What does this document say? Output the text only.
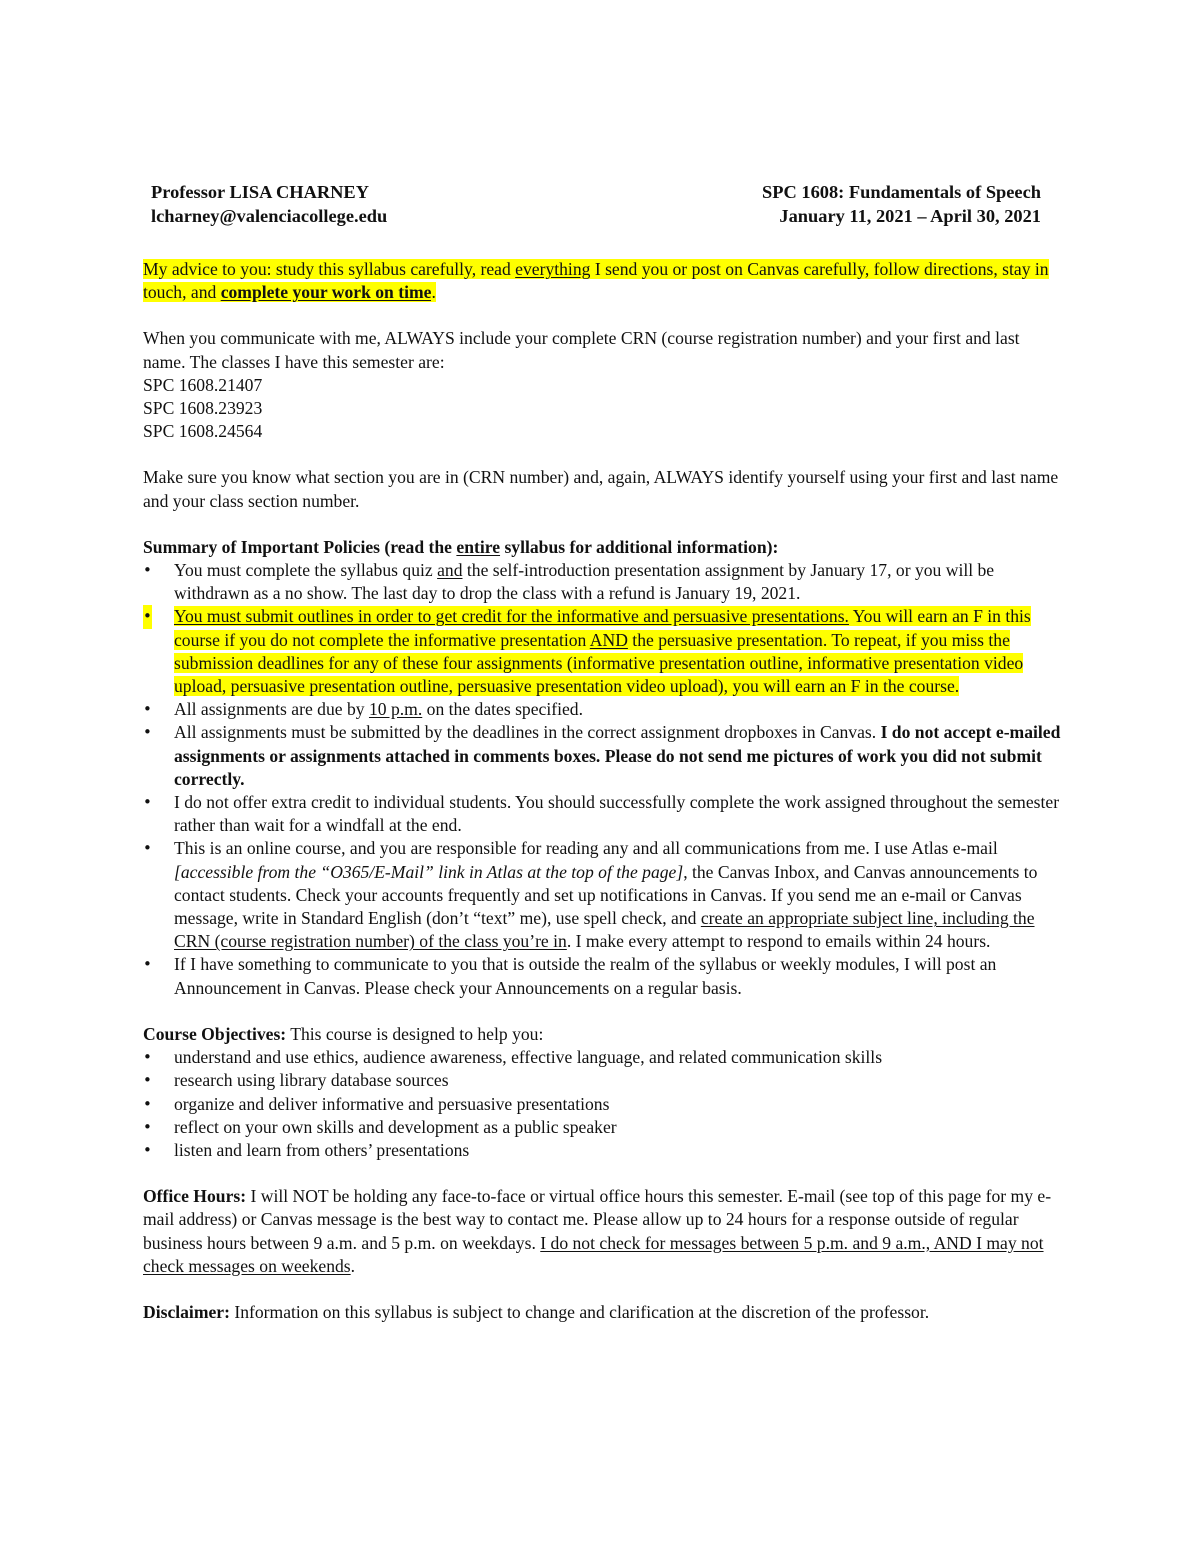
Professor LISA CHARNEY
lcharney@valenciacollege.edu
SPC 1608: Fundamentals of Speech
January 11, 2021 – April 30, 2021

My advice to you: study this syllabus carefully, read everything I send you or post on Canvas carefully, follow directions, stay in touch, and complete your work on time.

When you communicate with me, ALWAYS include your complete CRN (course registration number) and your first and last name. The classes I have this semester are:

SPC 1608.21407

SPC 1608.23923

SPC 1608.24564

Make sure you know what section you are in (CRN number) and, again, ALWAYS identify yourself using your first and last name and your class section number.

Summary of Important Policies (read the entire syllabus for additional information):

• You must complete the syllabus quiz and the self-introduction presentation assignment by January 17, or you will be withdrawn as a no show. The last day to drop the class with a refund is January 19, 2021.
• You must submit outlines in order to get credit for the informative and persuasive presentations. You will earn an F in this course if you do not complete the informative presentation AND the persuasive presentation. To repeat, if you miss the submission deadlines for any of these four assignments (informative presentation outline, informative presentation video upload, persuasive presentation outline, persuasive presentation video upload), you will earn an F in the course.
• All assignments are due by 10 p.m. on the dates specified.
• All assignments must be submitted by the deadlines in the correct assignment dropboxes in Canvas. I do not accept e-mailed assignments or assignments attached in comments boxes. Please do not send me pictures of work you did not submit correctly.
• I do not offer extra credit to individual students. You should successfully complete the work assigned throughout the semester rather than wait for a windfall at the end.
• This is an online course, and you are responsible for reading any and all communications from me. I use Atlas e-mail [accessible from the “O365/E-Mail” link in Atlas at the top of the page], the Canvas Inbox, and Canvas announcements to contact students. Check your accounts frequently and set up notifications in Canvas. If you send me an e-mail or Canvas message, write in Standard English (don’t “text” me), use spell check, and create an appropriate subject line, including the CRN (course registration number) of the class you’re in. I make every attempt to respond to emails within 24 hours.
• If I have something to communicate to you that is outside the realm of the syllabus or weekly modules, I will post an Announcement in Canvas. Please check your Announcements on a regular basis.

Course Objectives: This course is designed to help you:

• understand and use ethics, audience awareness, effective language, and related communication skills
• research using library database sources
• organize and deliver informative and persuasive presentations
• reflect on your own skills and development as a public speaker
• listen and learn from others’ presentations

Office Hours: I will NOT be holding any face-to-face or virtual office hours this semester. E-mail (see top of this page for my e-mail address) or Canvas message is the best way to contact me. Please allow up to 24 hours for a response outside of regular business hours between 9 a.m. and 5 p.m. on weekdays. I do not check for messages between 5 p.m. and 9 a.m., AND I may not check messages on weekends.

Disclaimer: Information on this syllabus is subject to change and clarification at the discretion of the professor.
